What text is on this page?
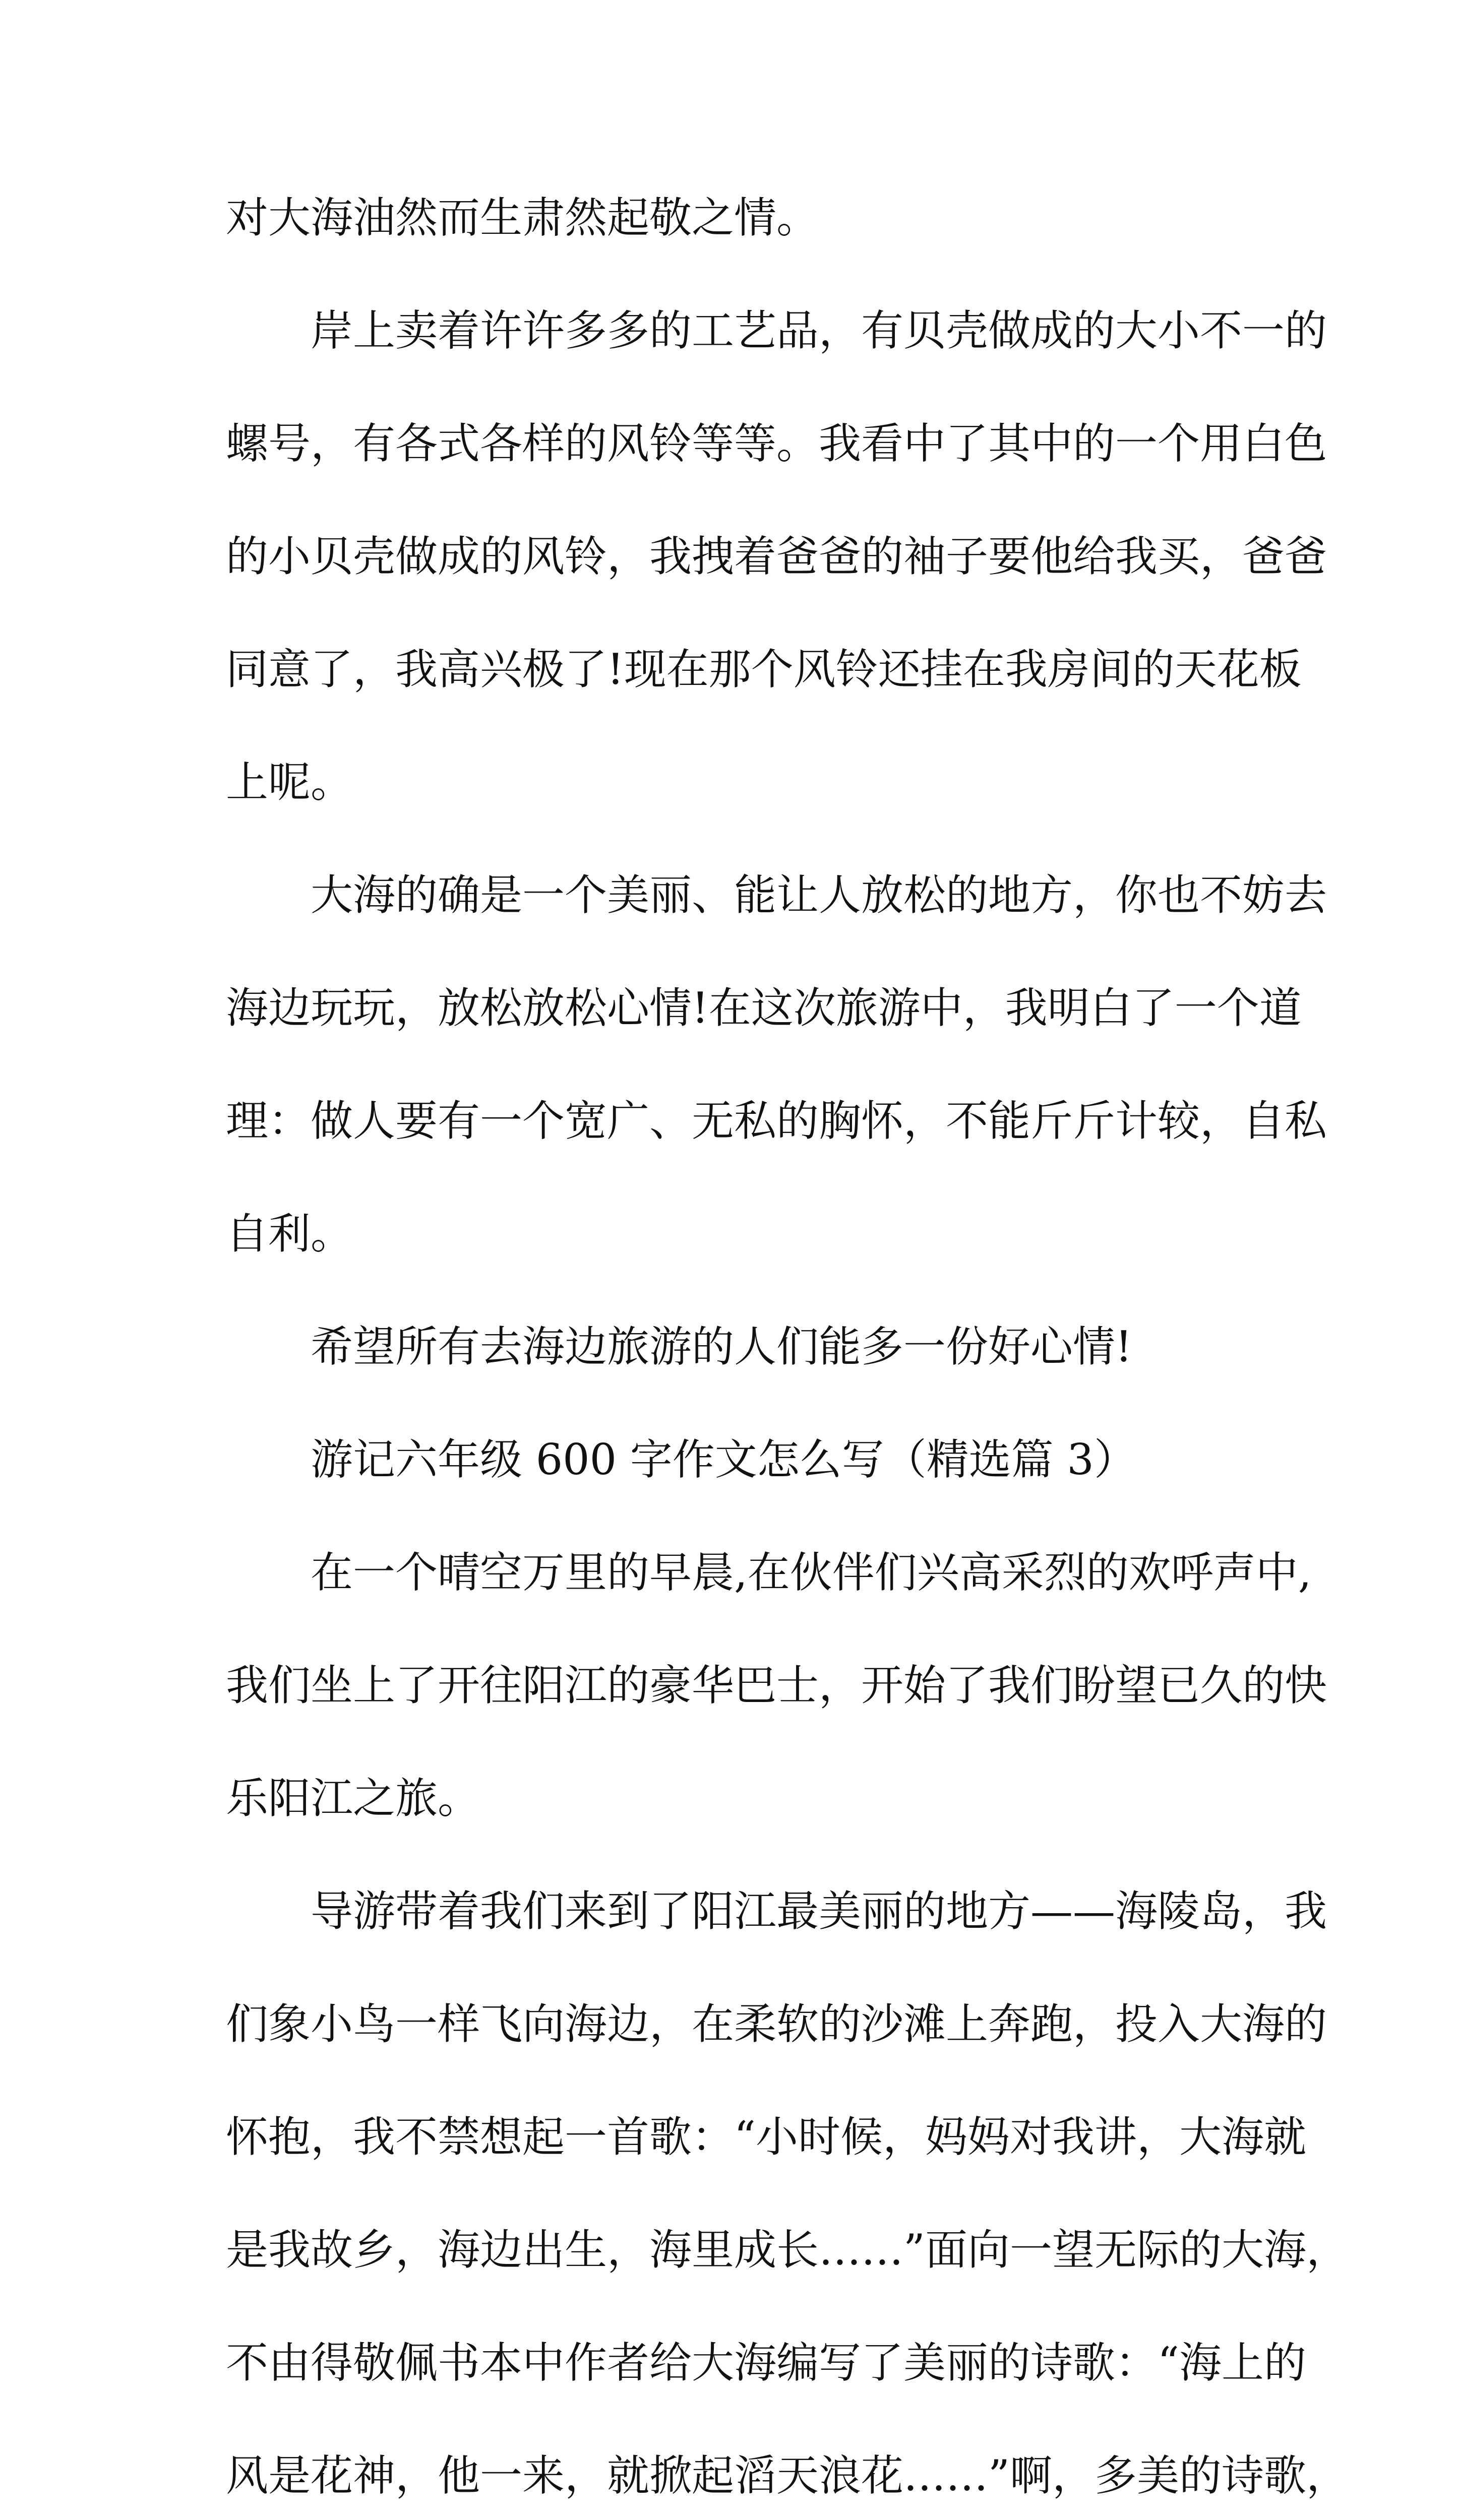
对大海油然而生肃然起敬之情。
岸上卖着许许多多的工艺品，有贝壳做成的大小不一的
螺号，有各式各样的风铃等等。我看中了其中的一个用白色
的小贝壳做成的风铃，我拽着爸爸的袖子要他给我买，爸爸
同意了，我高兴极了!现在那个风铃还挂在我房间的天花板
上呢。
大海的确是一个美丽、能让人放松的地方，你也不妨去
海边玩玩，放松放松心情!在这次旅游中，我明白了一个道
理：做人要有一个宽广、无私的胸怀，不能斤斤计较，自私
自利。
希望所有去海边旅游的人们能多一份好心情!
游记六年级 600 字作文怎么写（精选篇 3）
在一个晴空万里的早晨,在伙伴们兴高采烈的欢呼声中,
我们坐上了开往阳江的豪华巴士，开始了我们盼望已久的快
乐阳江之旅。
导游带着我们来到了阳江最美丽的地方——海陵岛，我
们象小鸟一样飞向海边，在柔软的沙滩上奔跑，投入大海的
怀抱，我不禁想起一首歌：“小时候，妈妈对我讲，大海就
是我故乡，海边出生，海里成长……”面向一望无际的大海，
不由得敬佩书本中作者给大海编写了美丽的诗歌：“海上的
风是花神，他一来，就掀起滔天浪花……”啊，多美的诗歌，
